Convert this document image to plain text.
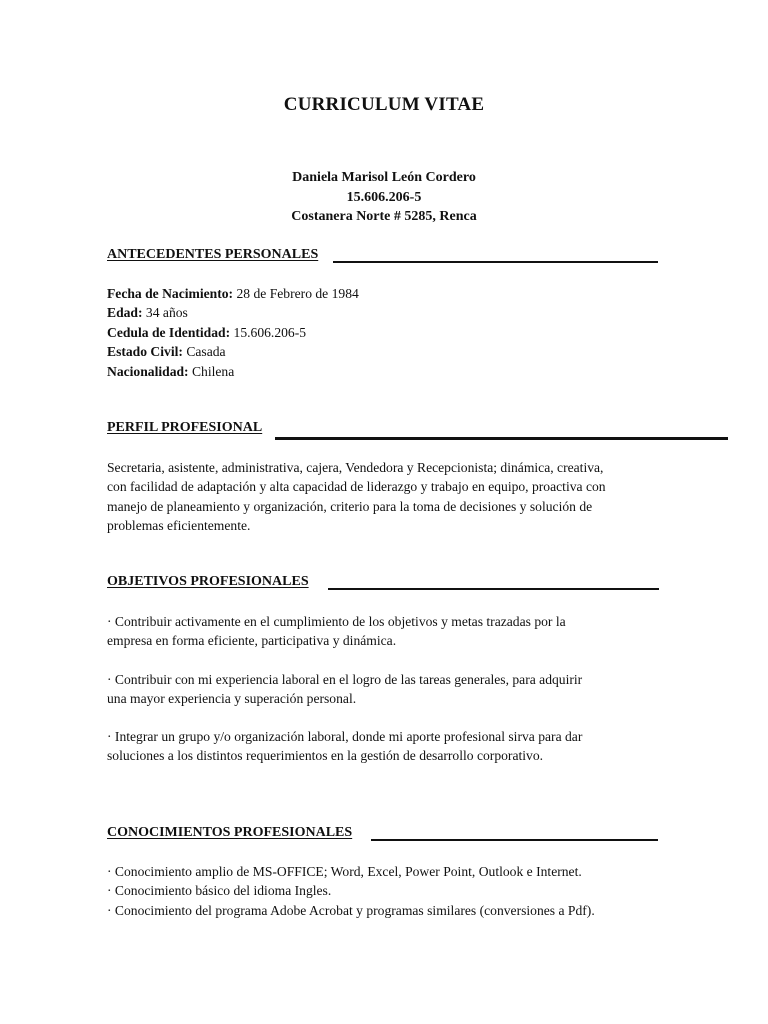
CURRICULUM VITAE
Daniela Marisol León Cordero
15.606.206-5
Costanera Norte # 5285, Renca
ANTECEDENTES PERSONALES
Fecha de Nacimiento: 28 de Febrero de 1984
Edad: 34 años
Cedula de Identidad: 15.606.206-5
Estado Civil: Casada
Nacionalidad: Chilena
PERFIL PROFESIONAL
Secretaria, asistente, administrativa, cajera, Vendedora y Recepcionista; dinámica, creativa,
con facilidad de adaptación y alta capacidad de liderazgo y trabajo en equipo, proactiva con
manejo de planeamiento y organización, criterio para la toma de decisiones y solución de
problemas eficientemente.
OBJETIVOS PROFESIONALES
· Contribuir activamente en el cumplimiento de los objetivos y metas trazadas por la
empresa en forma eficiente, participativa y dinámica.
· Contribuir con mi experiencia laboral en el logro de las tareas generales, para adquirir
una mayor experiencia y superación personal.
· Integrar un grupo y/o organización laboral, donde mi aporte profesional sirva para dar
soluciones a los distintos requerimientos en la gestión de desarrollo corporativo.
CONOCIMIENTOS PROFESIONALES
· Conocimiento amplio de MS-OFFICE; Word, Excel, Power Point, Outlook e Internet.
· Conocimiento básico del idioma Ingles.
· Conocimiento del programa Adobe Acrobat y programas similares (conversiones a Pdf).
